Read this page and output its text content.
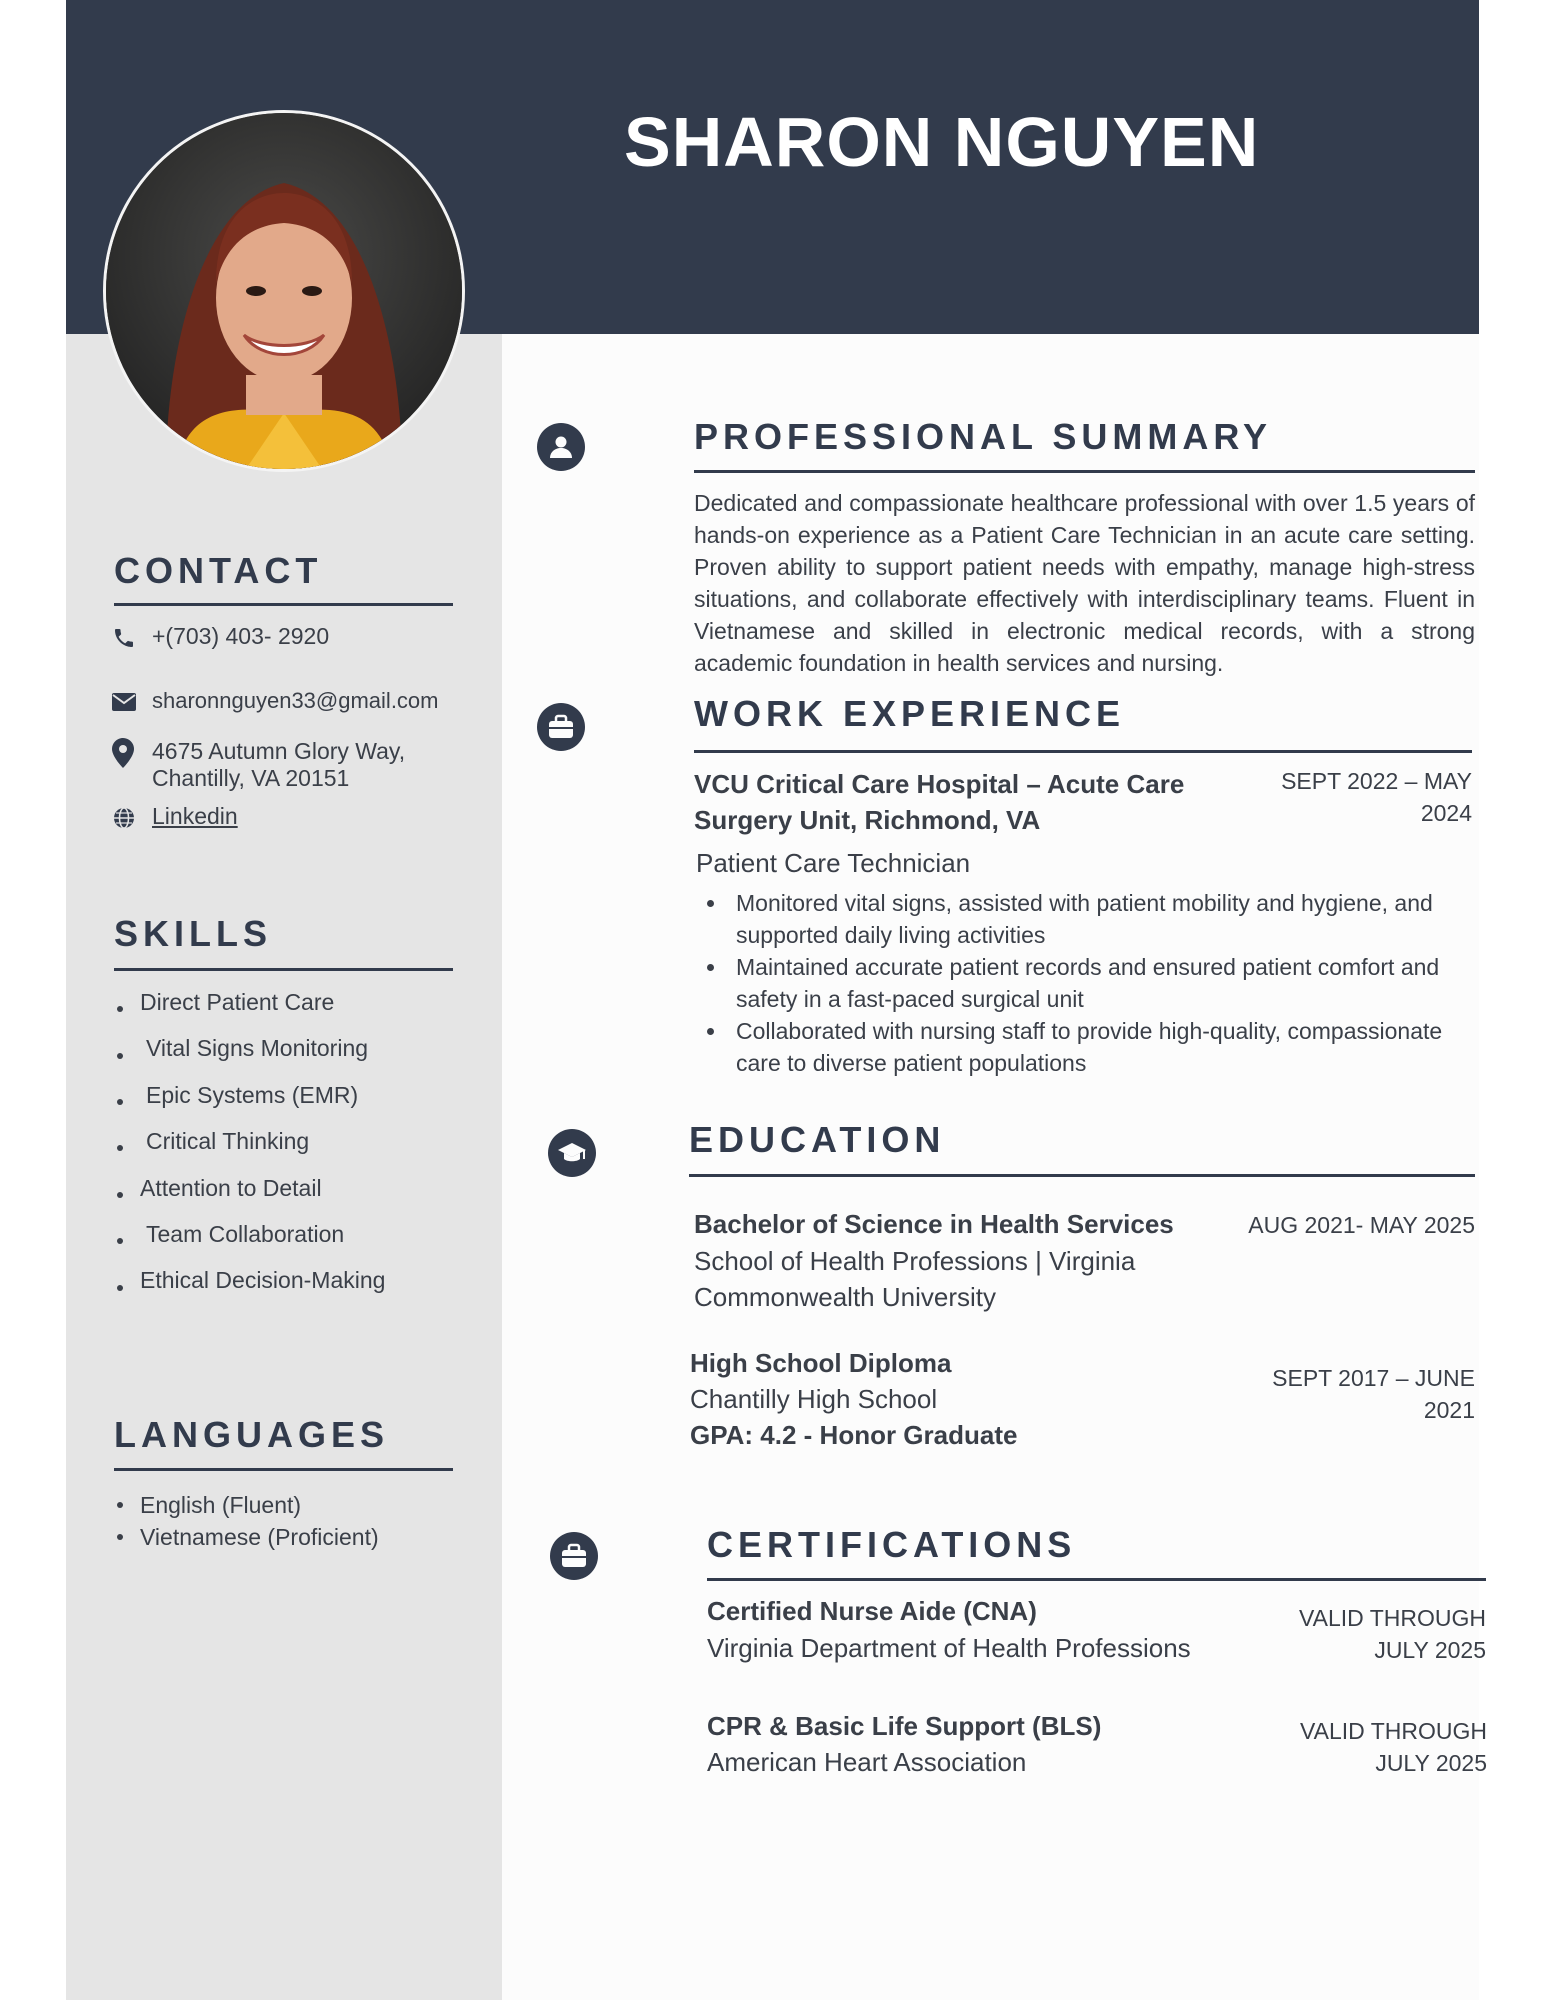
SHARON NGUYEN
CONTACT
+(703) 403- 2920
sharonnguyen33@gmail.com
4675 Autumn Glory Way,
Chantilly, VA 20151
Linkedin
SKILLS
Direct Patient Care
Vital Signs Monitoring
Epic Systems (EMR)
Critical Thinking
Attention to Detail
Team Collaboration
Ethical Decision-Making
LANGUAGES
English (Fluent)
Vietnamese (Proficient)
PROFESSIONAL SUMMARY

Dedicated and compassionate healthcare professional with over 1.5 years of hands-on experience as a Patient Care Technician in an acute care setting. Proven ability to support patient needs with empathy, manage high-stress situations, and collaborate effectively with interdisciplinary teams. Fluent in Vietnamese and skilled in electronic medical records, with a strong academic foundation in health services and nursing.

WORK EXPERIENCE
VCU Critical Care Hospital – Acute Care Surgery Unit, Richmond, VA
SEPT 2022 – MAY 2024
Patient Care Technician
Monitored vital signs, assisted with patient mobility and hygiene, and supported daily living activities
Maintained accurate patient records and ensured patient comfort and safety in a fast-paced surgical unit
Collaborated with nursing staff to provide high-quality, compassionate care to diverse patient populations
EDUCATION
Bachelor of Science in Health Services
School of Health Professions | Virginia Commonwealth University
AUG 2021- MAY 2025
High School Diploma
Chantilly High School
GPA: 4.2 - Honor Graduate
SEPT 2017 – JUNE 2021
CERTIFICATIONS
Certified Nurse Aide (CNA)
Virginia Department of Health Professions
VALID THROUGH JULY 2025
CPR & Basic Life Support (BLS)
American Heart Association
VALID THROUGH JULY 2025
